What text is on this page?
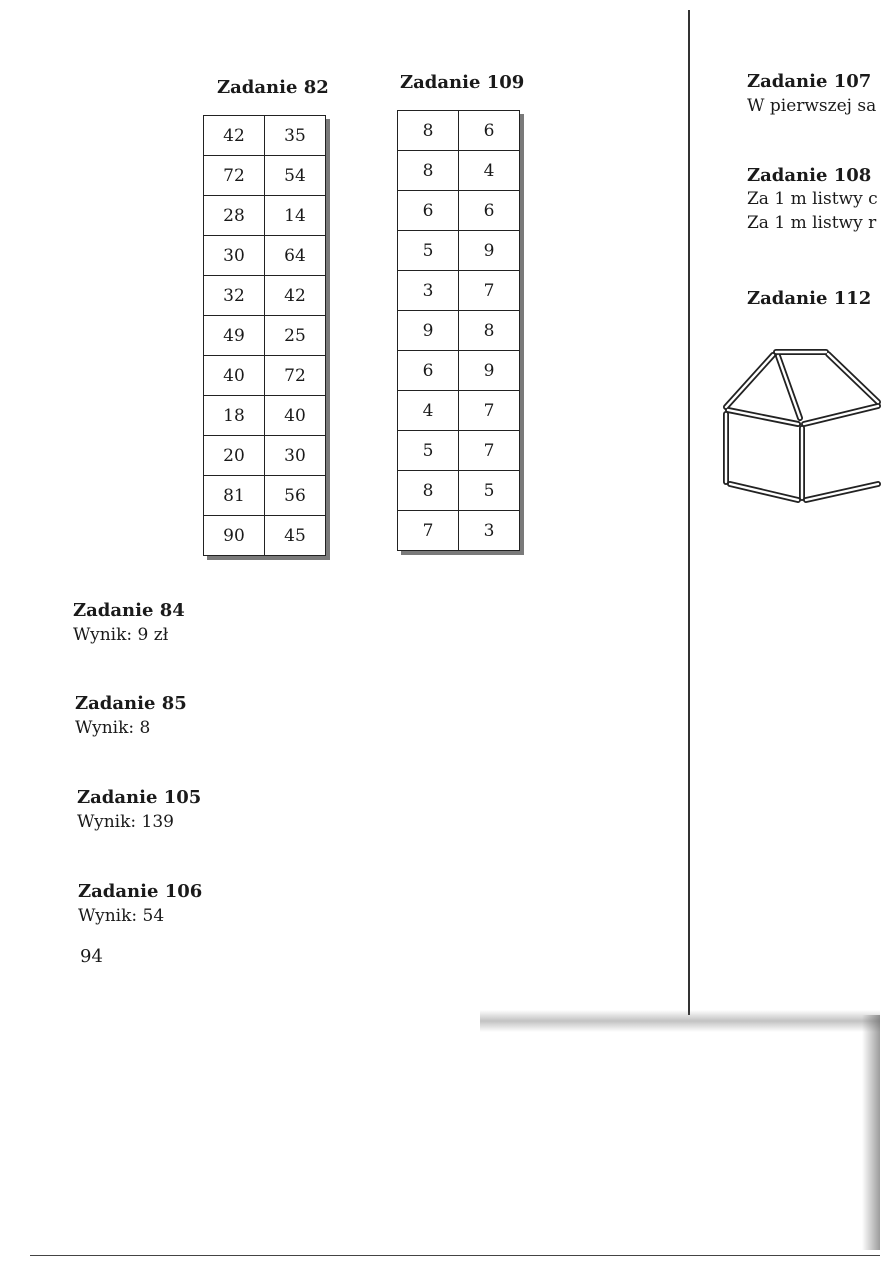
Zadanie 82	Zadanie 109
42	35
72	54
28	14
30	64
32	42
49	25
40	72
18	40
20	30
81	56
90	45
8	6
8	4
6	6
5	9
3	7
9	8
6	9
4	7
5	7
8	5
7	3
Zadanie 84
Wynik: 9 zł
Zadanie 85
Wynik: 8
Zadanie 105
Wynik: 139
Zadanie 106
Wynik: 54
94
Zadanie 107
W pierwszej sa
Zadanie 108
Za 1 m listwy c
Za 1 m listwy r
Zadanie 112
